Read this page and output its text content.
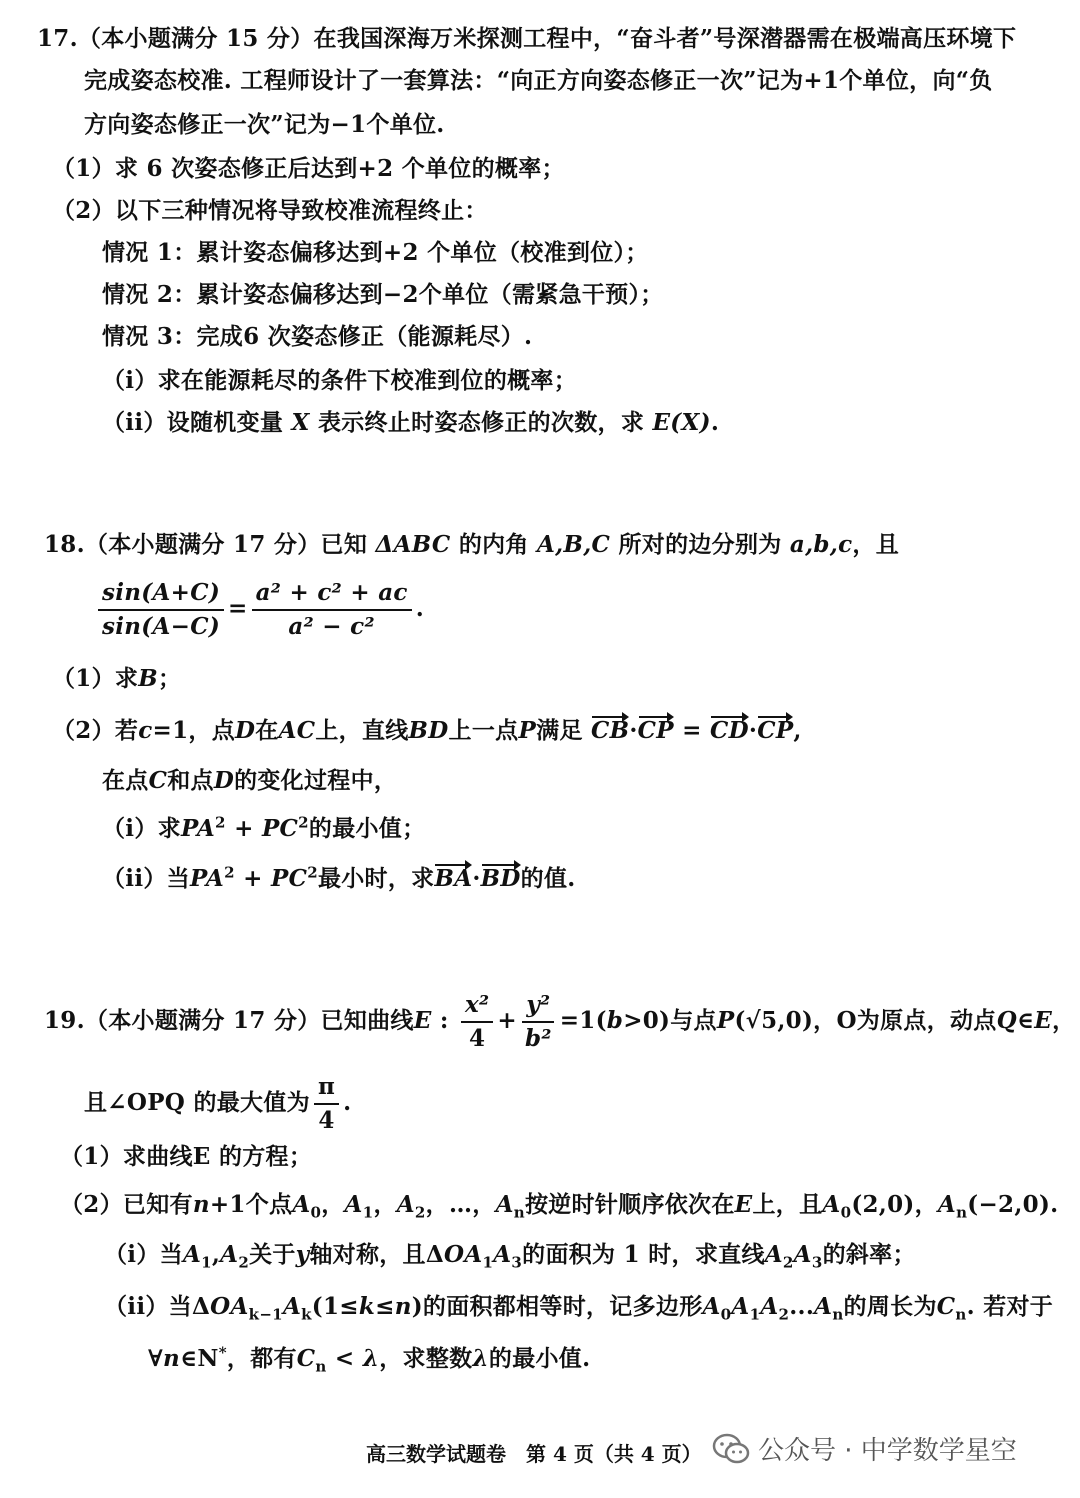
17.（本小题满分 15 分）在我国深海万米探测工程中，“奋斗者”号深潜器需在极端高压环境下
完成姿态校准. 工程师设计了一套算法：“向正方向姿态修正一次”记为+1个单位，向“负
方向姿态修正一次”记为−1个单位.
（1）求 6 次姿态修正后达到+2 个单位的概率；
（2）以下三种情况将导致校准流程终止：
情况 1：累计姿态偏移达到+2 个单位（校准到位）；
情况 2：累计姿态偏移达到−2个单位（需紧急干预）；
情况 3：完成6 次姿态修正（能源耗尽）.
（i）求在能源耗尽的条件下校准到位的概率；
（ii）设随机变量 X 表示终止时姿态修正的次数，求 E(X).
18.（本小题满分 17 分）已知 ΔABC 的内角 A,B,C 所对的边分别为 a,b,c，且
$\frac{\sin(A+C)}{\sin(A-C)} = \frac{\text{a² + c² + ac}}{\text{a² − c²}}$ .
（1）求B；
（2）若c=1，点D在AC上，直线BD上一点P满足 CB·CP = CD·CP,
在点C和点D的变化过程中，
（i）求$PA^2 + PC^2$的最小值；
（ii）当$PA^2 + PC^2$最小时，求BA·BD的值.
19.（本小题满分 17 分）已知曲线E : $\frac{\text{x²}}{4} + \frac{\text{y²}}{\text{b²}} =1(b>0)$与点P(√5,0)，O为原点，动点Q∈E，
且∠OPQ 的最大值为 $\frac{\pi}{4}$ .
（1）求曲线E 的方程；
（2）已知有n+1个点$A_0$，$A_1$，$A_2$，…，$A_n$按逆时针顺序依次在E上，且$A_0(2,0)$，$A_n(-2,0)$.
（i）当$A_1,A_2$关于y轴对称，且$\Delta OA_1A_3$的面积为 1 时，求直线$A_2A_3$的斜率；
（ii）当$\Delta OA_{k-1}A_k(1\le k\le n)$的面积都相等时，记多边形$A_0A_1A_2...A_n$的周长为$C_n$. 若对于
∀n∈N*，都有$C_n < \lambda$，求整数λ的最小值.
高三数学试题卷　第 4 页（共 4 页） 公众号 · 中学数学星空
